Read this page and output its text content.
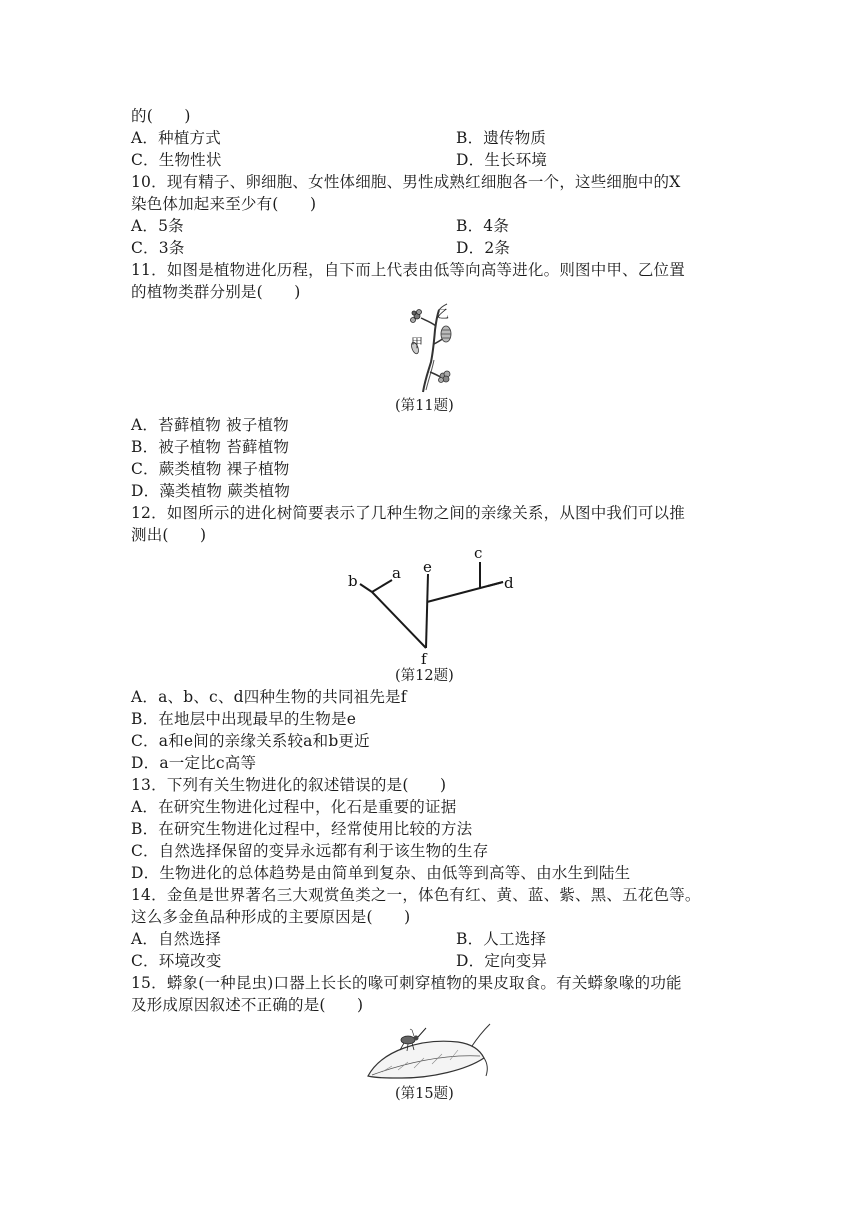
的(　　)
A．种植方式	B．遗传物质
C．生物性状	D．生长环境
10．现有精子、卵细胞、女性体细胞、男性成熟红细胞各一个，这些细胞中的X
染色体加起来至少有(　　)
A．5条	B．4条
C．3条	D．2条
11．如图是植物进化历程，自下而上代表由低等向高等进化。则图中甲、乙位置
的植物类群分别是(　　)
乙
甲
(第11题)
A．苔藓植物 被子植物
B．被子植物 苔藓植物
C．蕨类植物 裸子植物
D．藻类植物 蕨类植物
12．如图所示的进化树简要表示了几种生物之间的亲缘关系，从图中我们可以推
测出(　　)
b a e
c
d
f
(第12题)
A．a、b、c、d四种生物的共同祖先是f
B．在地层中出现最早的生物是e
C．a和e间的亲缘关系较a和b更近
D．a一定比c高等
13．下列有关生物进化的叙述错误的是(　　)
A．在研究生物进化过程中，化石是重要的证据
B．在研究生物进化过程中，经常使用比较的方法
C．自然选择保留的变异永远都有利于该生物的生存
D．生物进化的总体趋势是由简单到复杂、由低等到高等、由水生到陆生
14．金鱼是世界著名三大观赏鱼类之一，体色有红、黄、蓝、紫、黑、五花色等。
这么多金鱼品种形成的主要原因是(　　)
A．自然选择	B．人工选择
C．环境改变	D．定向变异
15．蟒象(一种昆虫)口器上长长的喙可刺穿植物的果皮取食。有关蟒象喙的功能
及形成原因叙述不正确的是(　　)
(第15题)
